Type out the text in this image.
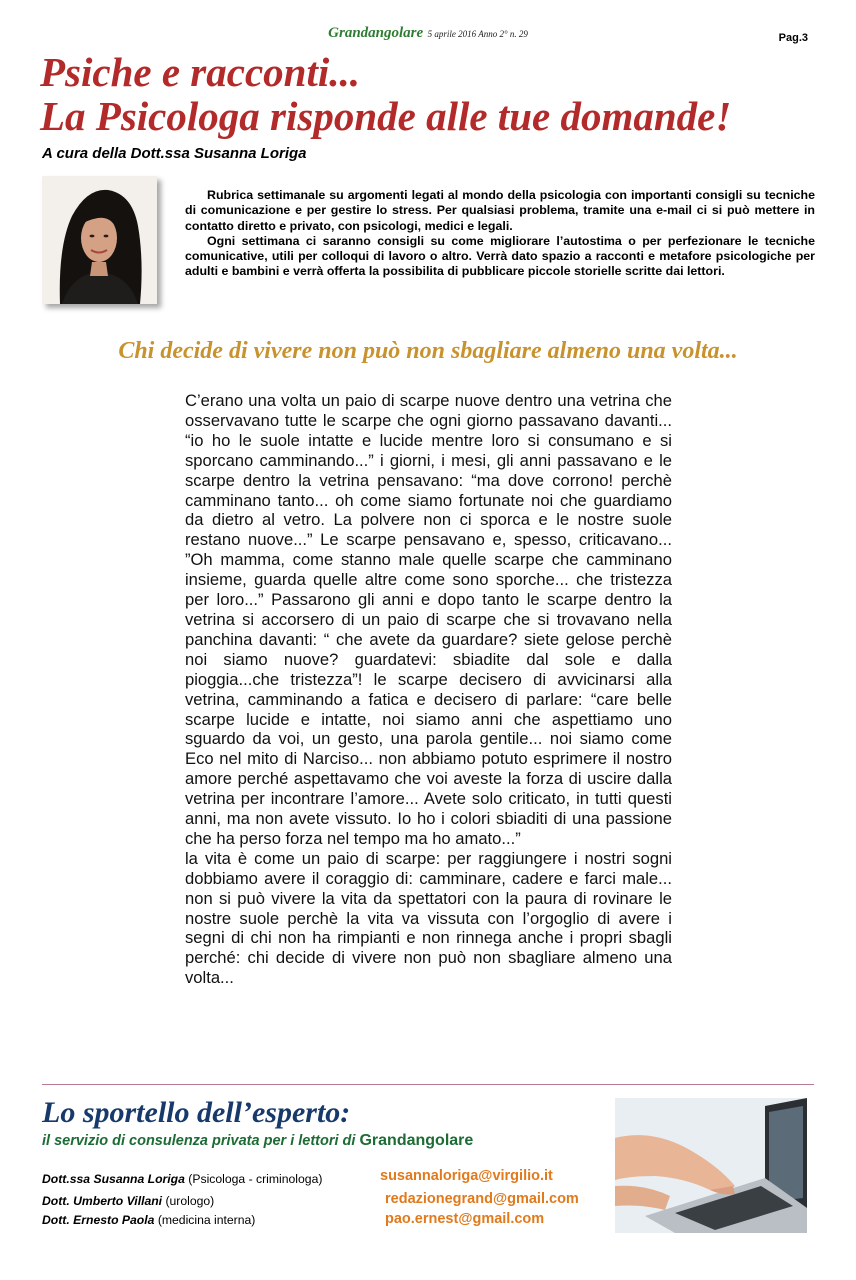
Grandangolare 5 aprile 2016 Anno 2° n. 29	Pag.3
Psiche e racconti...
La Psicologa risponde alle tue domande!
A cura della Dott.ssa Susanna Loriga

Rubrica settimanale su argomenti legati al mondo della psicologia con importanti consigli su tecniche di comunicazione e per gestire lo stress. Per qualsiasi problema, tramite una e-mail ci si può mettere in contatto diretto e privato, con psicologi, medici e legali.

Ogni settimana ci saranno consigli su come migliorare l’autostima o per perfezionare le tecniche comunicative, utili per colloqui di lavoro o altro. Verrà dato spazio a racconti e metafore psicologiche per adulti e bambini e verrà offerta la possibilita di pubblicare piccole storielle scritte dai lettori.

Chi decide di vivere non può non sbagliare almeno una volta...

C’erano una volta un paio di scarpe nuove dentro una vetrina che osservavano tutte le scarpe che ogni giorno passavano davanti... “io ho le suole intatte e lucide mentre loro si consumano e si sporcano camminando...” i giorni, i mesi, gli anni passavano e le scarpe dentro la vetrina pensavano: “ma dove corrono! perchè camminano tanto... oh come siamo fortunate noi che guardiamo da dietro al vetro. La polvere non ci sporca e le nostre suole restano nuove...” Le scarpe pensavano e, spesso, criticavano... ”Oh mamma, come stanno male quelle scarpe che camminano insieme, guarda quelle altre come sono sporche... che tristezza per loro...” Passarono gli anni e dopo tanto le scarpe dentro la vetrina si accorsero di un paio di scarpe che si trovavano nella panchina davanti: “ che avete da guardare? siete gelose perchè noi siamo nuove? guardatevi: sbiadite dal sole e dalla pioggia...che tristezza”! le scarpe decisero di avvicinarsi alla vetrina, camminando a fatica e decisero di parlare: “care belle scarpe lucide e intatte, noi siamo anni che aspettiamo uno sguardo da voi, un gesto, una parola gentile... noi siamo come Eco nel mito di Narciso... non abbiamo potuto esprimere il nostro amore perché aspettavamo che voi aveste la forza di uscire dalla vetrina per incontrare l’amore... Avete solo criticato, in tutti questi anni, ma non avete vissuto. Io ho i colori sbiaditi di una passione che ha perso forza nel tempo ma ho amato...”

la vita è come un paio di scarpe: per raggiungere i nostri sogni dobbiamo avere il coraggio di: camminare, cadere e farci male... non si può vivere la vita da spettatori con la paura di rovinare le nostre suole perchè la vita va vissuta con l’orgoglio di avere i segni di chi non ha rimpianti e non rinnega anche i propri sbagli perché: chi decide di vivere non può non sbagliare almeno una volta...

Lo sportello dell’esperto:
il servizio di consulenza privata per i lettori di Grandangolare
Dott.ssa Susanna Loriga (Psicologa - criminologa)
Dott. Umberto Villani (urologo)
Dott. Ernesto Paola (medicina interna)
susannaloriga@virgilio.it
redazionegrand@gmail.com
pao.ernest@gmail.com
